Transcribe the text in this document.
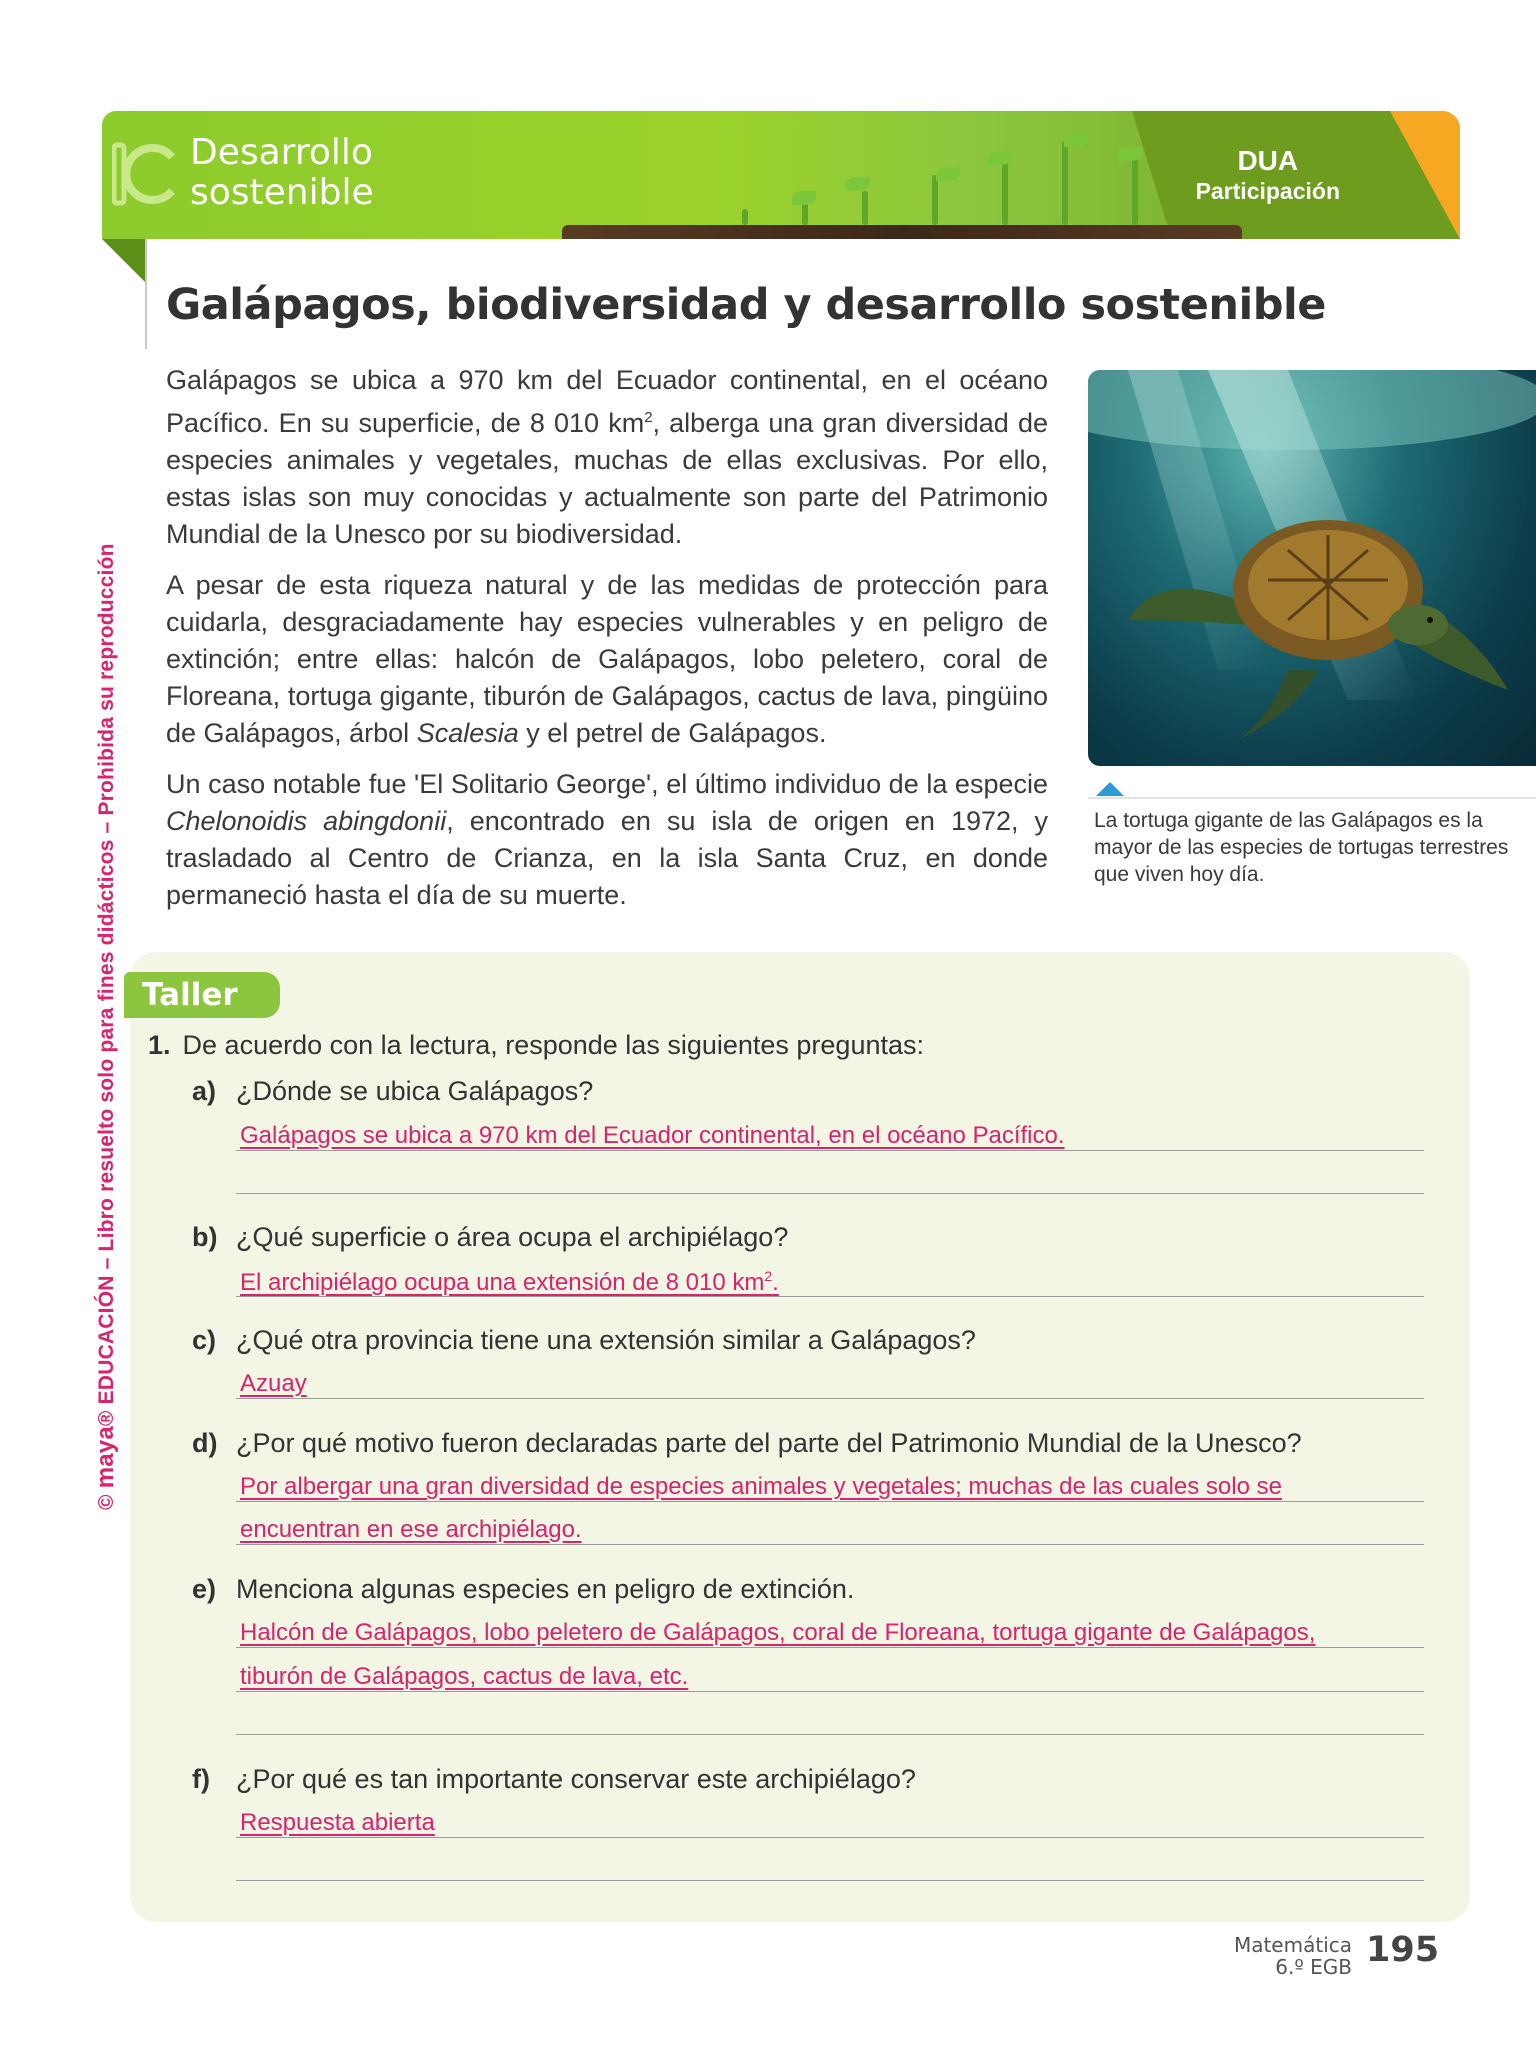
Desarrollo
sostenible
DUA
Participación
© maya® EDUCACIÓN – Libro resuelto solo para fines didácticos – Prohibida su reproducción
Galápagos, biodiversidad y desarrollo sostenible

Galápagos se ubica a 970 km del Ecuador continental, en el océano Pacífico. En su superficie, de 8 010 $km^2$, alberga una gran diversidad de especies animales y vegetales, muchas de ellas exclusivas. Por ello, estas islas son muy conocidas y actualmente son parte del Patrimonio Mundial de la Unesco por su biodiversidad.

A pesar de esta riqueza natural y de las medidas de protección para cuidarla, desgraciadamente hay especies vulnerables y en peligro de extinción; entre ellas: halcón de Galápagos, lobo peletero, coral de Floreana, tortuga gigante, tiburón de Galápagos, cactus de lava, pingüino de Galápagos, árbol Scalesia y el petrel de Galápagos.

Un caso notable fue 'El Solitario George', el último individuo de la especie Chelonoidis abingdonii, encontrado en su isla de origen en 1972, y trasladado al Centro de Crianza, en la isla Santa Cruz, en donde permaneció hasta el día de su muerte.

La tortuga gigante de las Galápagos es la mayor de las especies de tortugas terrestres que viven hoy día.
Taller
1. De acuerdo con la lectura, responde las siguientes preguntas:
a) ¿Dónde se ubica Galápagos?
Galápagos se ubica a 970 km del Ecuador continental, en el océano Pacífico.
b) ¿Qué superficie o área ocupa el archipiélago?
El archipiélago ocupa una extensión de 8 010 $km^2$.
c) ¿Qué otra provincia tiene una extensión similar a Galápagos?
Azuay
d) ¿Por qué motivo fueron declaradas parte del parte del Patrimonio Mundial de la Unesco?
Por albergar una gran diversidad de especies animales y vegetales; muchas de las cuales solo se
encuentran en ese archipiélago.
e) Menciona algunas especies en peligro de extinción.
Halcón de Galápagos, lobo peletero de Galápagos, coral de Floreana, tortuga gigante de Galápagos,
tiburón de Galápagos, cactus de lava, etc.
f) ¿Por qué es tan importante conservar este archipiélago?
Respuesta abierta
Matemática
6.º EGB 195
